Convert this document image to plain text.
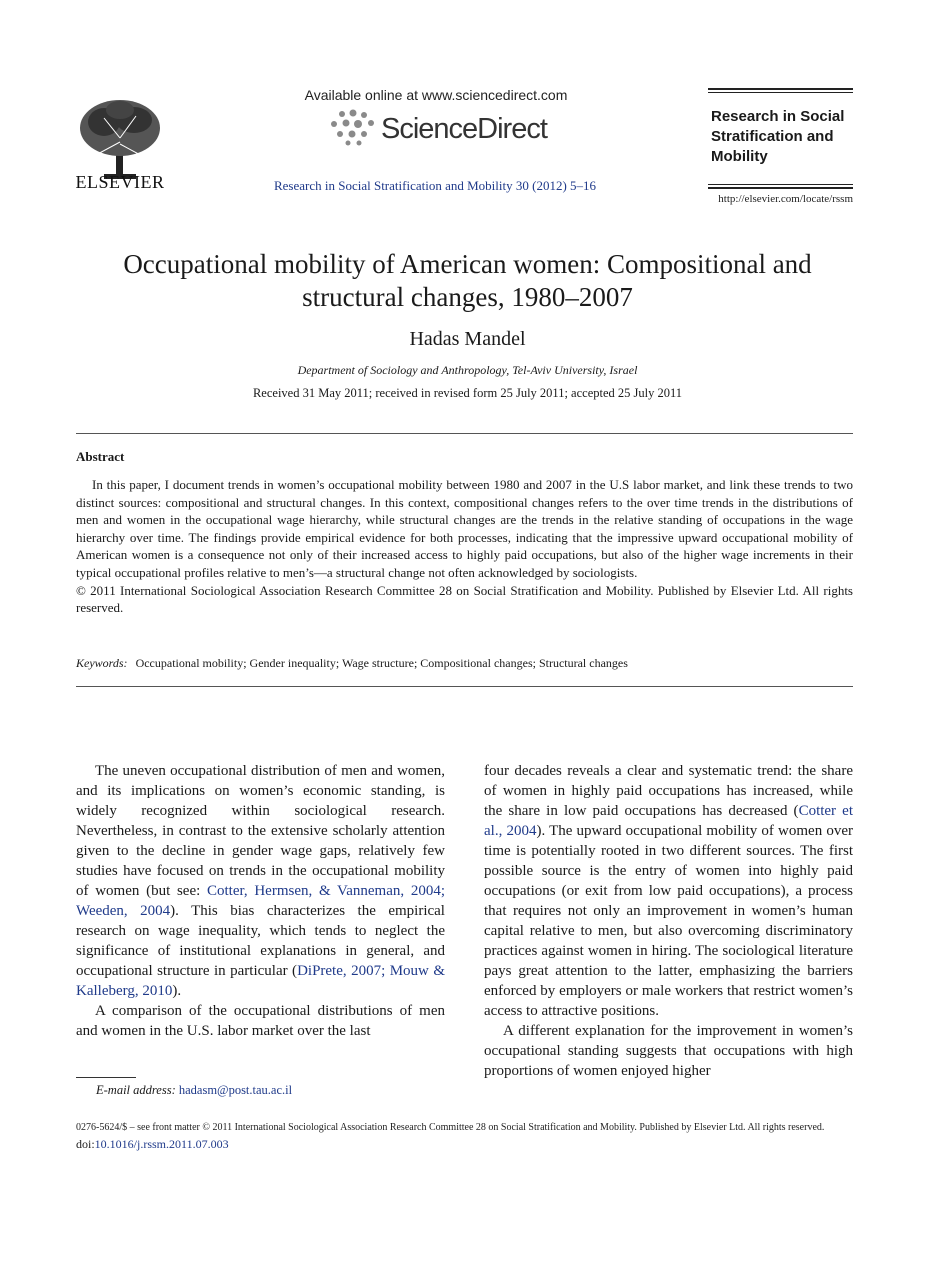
ELSEVIER
Available online at www.sciencedirect.com
ScienceDirect
Research in Social Stratification and Mobility 30 (2012) 5–16
Research in Social
Stratification and
Mobility
http://elsevier.com/locate/rssm
Occupational mobility of American women: Compositional and
structural changes, 1980–2007
Hadas Mandel
Department of Sociology and Anthropology, Tel-Aviv University, Israel
Received 31 May 2011; received in revised form 25 July 2011; accepted 25 July 2011
Abstract

In this paper, I document trends in women’s occupational mobility between 1980 and 2007 in the U.S labor market, and link these trends to two distinct sources: compositional and structural changes. In this context, compositional changes refers to the over time trends in the distributions of men and women in the occupational wage hierarchy, while structural changes are the trends in the relative standing of occupations in the wage hierarchy over time. The findings provide empirical evidence for both processes, indicating that the impressive upward occupational mobility of American women is a consequence not only of their increased access to highly paid occupations, but also of the higher wage increments in their typical occupational profiles relative to men’s—a structural change not often acknowledged by sociologists.

© 2011 International Sociological Association Research Committee 28 on Social Stratification and Mobility. Published by Elsevier Ltd. All rights reserved.

Keywords: Occupational mobility; Gender inequality; Wage structure; Compositional changes; Structural changes

The uneven occupational distribution of men and women, and its implications on women’s economic standing, is widely recognized within sociological research. Nevertheless, in contrast to the extensive scholarly attention given to the decline in gender wage gaps, relatively few studies have focused on trends in the occupational mobility of women (but see: Cotter, Hermsen, & Vanneman, 2004; Weeden, 2004). This bias characterizes the empirical research on wage inequality, which tends to neglect the significance of institutional explanations in general, and occupational structure in particular (DiPrete, 2007; Mouw & Kalleberg, 2010).

A comparison of the occupational distributions of men and women in the U.S. labor market over the last

four decades reveals a clear and systematic trend: the share of women in highly paid occupations has increased, while the share in low paid occupations has decreased (Cotter et al., 2004). The upward occupational mobility of women over time is potentially rooted in two different sources. The first possible source is the entry of women into highly paid occupations (or exit from low paid occupations), a process that requires not only an improvement in women’s human capital relative to men, but also overcoming discriminatory practices against women in hiring. The sociological literature pays great attention to the latter, emphasizing the barriers enforced by employers or male workers that restrict women’s access to attractive positions.

A different explanation for the improvement in women’s occupational standing suggests that occupations with high proportions of women enjoyed higher

E-mail address: hadasm@post.tau.ac.il
0276-5624/$ – see front matter © 2011 International Sociological Association Research Committee 28 on Social Stratification and Mobility. Published by Elsevier Ltd. All rights reserved.
doi:10.1016/j.rssm.2011.07.003
